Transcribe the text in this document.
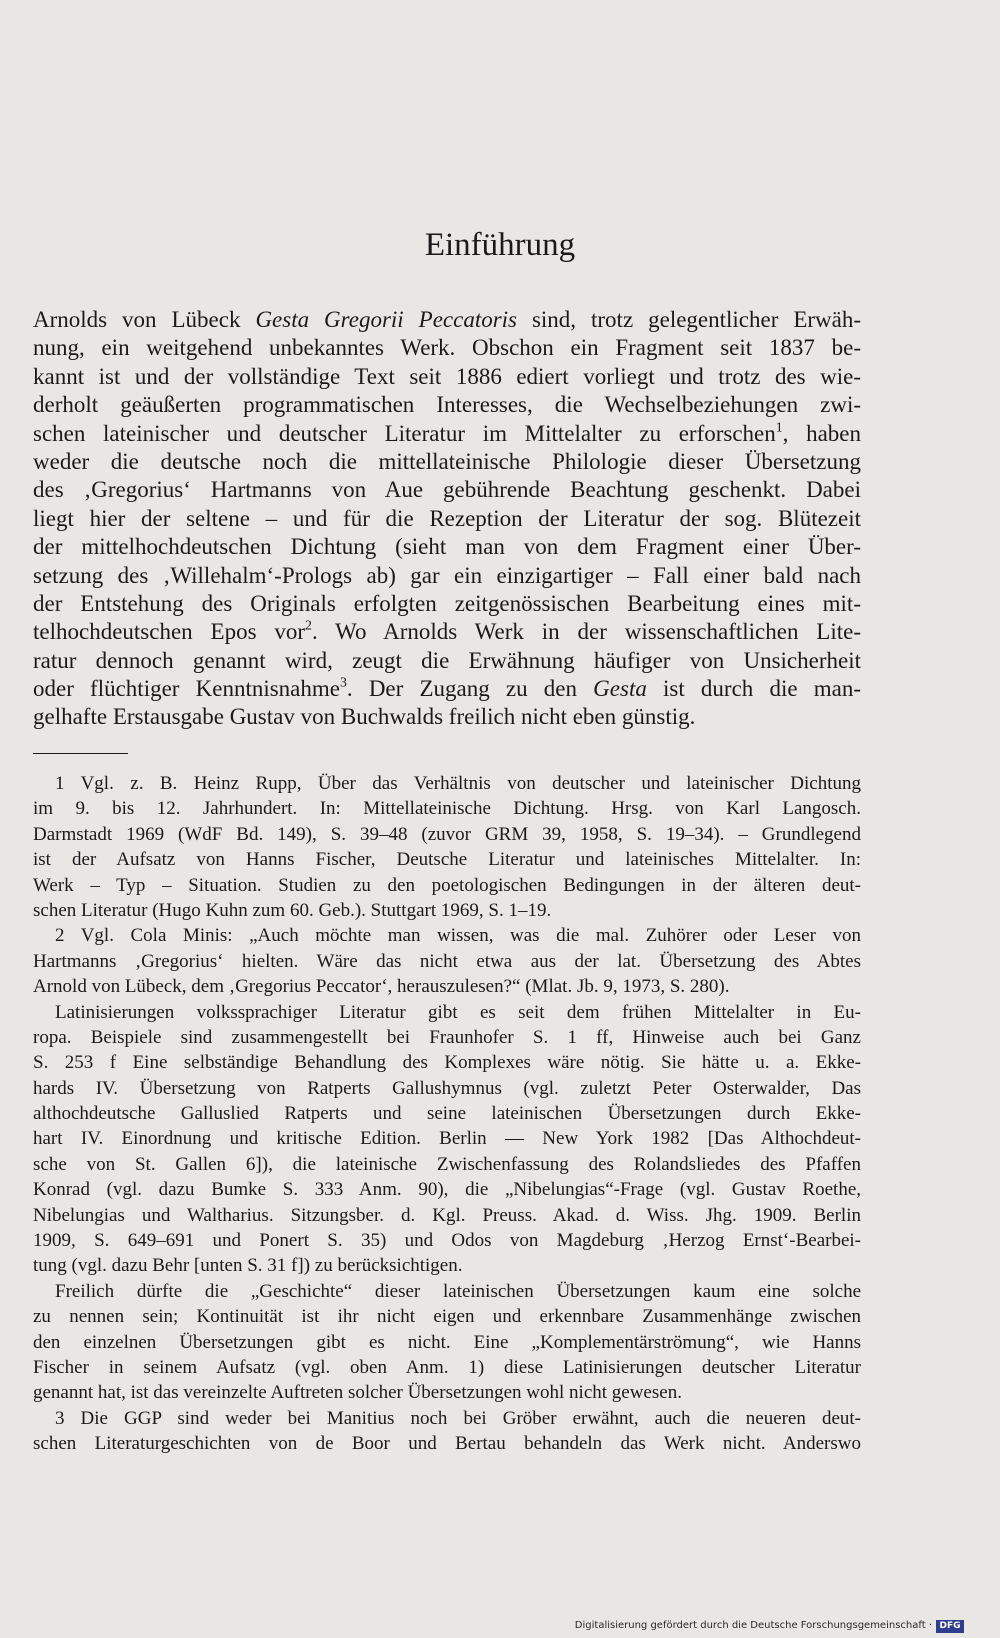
Einführung
Arnolds von Lübeck Gesta Gregorii Peccatoris sind, trotz gelegentlicher Erwäh-
nung, ein weitgehend unbekanntes Werk. Obschon ein Fragment seit 1837 be-
kannt ist und der vollständige Text seit 1886 ediert vorliegt und trotz des wie-
derholt geäußerten programmatischen Interesses, die Wechselbeziehungen zwi-
schen lateinischer und deutscher Literatur im Mittelalter zu erforschen$^1$, haben
weder die deutsche noch die mittellateinische Philologie dieser Übersetzung
des ‚Gregorius‘ Hartmanns von Aue gebührende Beachtung geschenkt. Dabei
liegt hier der seltene – und für die Rezeption der Literatur der sog. Blütezeit
der mittelhochdeutschen Dichtung (sieht man von dem Fragment einer Über-
setzung des ‚Willehalm‘-Prologs ab) gar ein einzigartiger – Fall einer bald nach
der Entstehung des Originals erfolgten zeitgenössischen Bearbeitung eines mit-
telhochdeutschen Epos vor$^2$. Wo Arnolds Werk in der wissenschaftlichen Lite-
ratur dennoch genannt wird, zeugt die Erwähnung häufiger von Unsicherheit
oder flüchtiger Kenntnisnahme$^3$. Der Zugang zu den Gesta ist durch die man-
gelhafte Erstausgabe Gustav von Buchwalds freilich nicht eben günstig.
1 Vgl. z. B. Heinz Rupp, Über das Verhältnis von deutscher und lateinischer Dichtung
im 9. bis 12. Jahrhundert. In: Mittellateinische Dichtung. Hrsg. von Karl Langosch.
Darmstadt 1969 (WdF Bd. 149), S. 39–48 (zuvor GRM 39, 1958, S. 19–34). – Grundlegend
ist der Aufsatz von Hanns Fischer, Deutsche Literatur und lateinisches Mittelalter. In:
Werk – Typ – Situation. Studien zu den poetologischen Bedingungen in der älteren deut-
schen Literatur (Hugo Kuhn zum 60. Geb.). Stuttgart 1969, S. 1–19.
2 Vgl. Cola Minis: „Auch möchte man wissen, was die mal. Zuhörer oder Leser von
Hartmanns ‚Gregorius‘ hielten. Wäre das nicht etwa aus der lat. Übersetzung des Abtes
Arnold von Lübeck, dem ‚Gregorius Peccator‘, herauszulesen?“ (Mlat. Jb. 9, 1973, S. 280).
Latinisierungen volkssprachiger Literatur gibt es seit dem frühen Mittelalter in Eu-
ropa. Beispiele sind zusammengestellt bei Fraunhofer S. 1 ff, Hinweise auch bei Ganz
S. 253 f Eine selbständige Behandlung des Komplexes wäre nötig. Sie hätte u. a. Ekke-
hards IV. Übersetzung von Ratperts Gallushymnus (vgl. zuletzt Peter Osterwalder, Das
althochdeutsche Galluslied Ratperts und seine lateinischen Übersetzungen durch Ekke-
hart IV. Einordnung und kritische Edition. Berlin — New York 1982 [Das Althochdeut-
sche von St. Gallen 6]), die lateinische Zwischenfassung des Rolandsliedes des Pfaffen
Konrad (vgl. dazu Bumke S. 333 Anm. 90), die „Nibelungias“-Frage (vgl. Gustav Roethe,
Nibelungias und Waltharius. Sitzungsber. d. Kgl. Preuss. Akad. d. Wiss. Jhg. 1909. Berlin
1909, S. 649–691 und Ponert S. 35) und Odos von Magdeburg ‚Herzog Ernst‘-Bearbei-
tung (vgl. dazu Behr [unten S. 31 f]) zu berücksichtigen.
Freilich dürfte die „Geschichte“ dieser lateinischen Übersetzungen kaum eine solche
zu nennen sein; Kontinuität ist ihr nicht eigen und erkennbare Zusammenhänge zwischen
den einzelnen Übersetzungen gibt es nicht. Eine „Komplementärströmung“, wie Hanns
Fischer in seinem Aufsatz (vgl. oben Anm. 1) diese Latinisierungen deutscher Literatur
genannt hat, ist das vereinzelte Auftreten solcher Übersetzungen wohl nicht gewesen.
3 Die GGP sind weder bei Manitius noch bei Gröber erwähnt, auch die neueren deut-
schen Literaturgeschichten von de Boor und Bertau behandeln das Werk nicht. Anderswo
Digitalisierung gefördert durch die Deutsche Forschungsgemeinschaft · DFG
